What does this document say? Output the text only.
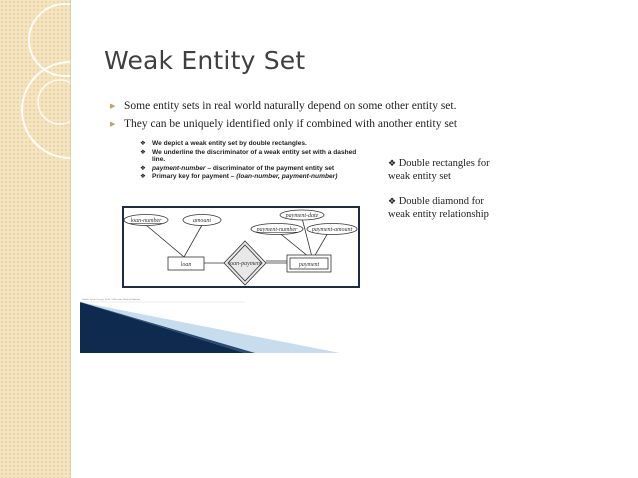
Weak Entity Set
▶ Some entity sets in real world naturally depend on some other entity set.
▶ They can be uniquely identified only if combined with another entity set
❖ We depict a weak entity set by double rectangles.
❖ We underline the discriminator of a weak entity set with a dashed line.
❖ payment-number – discriminator of the payment entity set
❖ Primary key for payment – (loan-number, payment-number)
loan-number	amount
payment-date
payment-number payment-amount
loan	payment
loan-payment
❖ Double rectangles for weak entity set
❖ Double diamond for weak entity relationship
Database System Concepts, 5th Ed. ©Silberschatz, Korth and Sudarshan
